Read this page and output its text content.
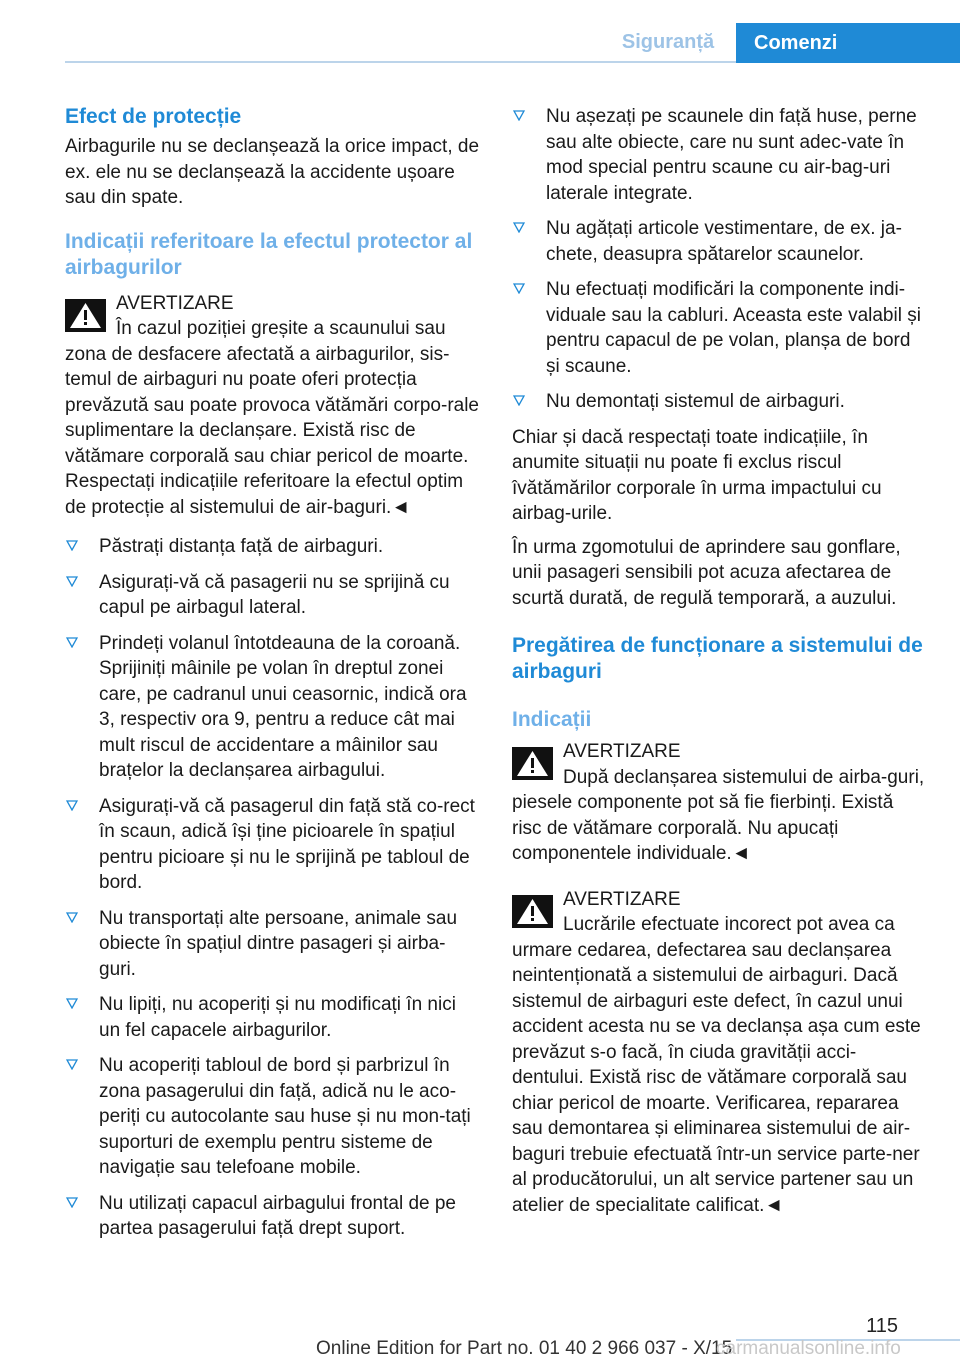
Siguranță	Comenzi
Efect de protecție

Airbagurile nu se declanșează la orice impact, de ex. ele nu se declanșează la accidente ușoare sau din spate.

Indicații referitoare la efectul protector al airbagurilor
AVERTIZARE
În cazul poziției greșite a scaunului sau zona de desfacere afectată a airbagurilor, sis-temul de airbaguri nu poate oferi protecția prevăzută sau poate provoca vătămări corpo-rale suplimentare la declanșare. Există risc de vătămare corporală sau chiar pericol de moarte. Respectați indicațiile referitoare la efectul optim de protecție al sistemului de air-baguri.◄
Păstrați distanța față de airbaguri.
Asigurați-vă că pasagerii nu se sprijină cu capul pe airbagul lateral.
Prindeți volanul întotdeauna de la coroană. Sprijiniți mâinile pe volan în dreptul zonei care, pe cadranul unui ceasornic, indică ora 3, respectiv ora 9, pentru a reduce cât mai mult riscul de accidentare a mâinilor sau brațelor la declanșarea airbagului.
Asigurați-vă că pasagerul din față stă co-rect în scaun, adică își ține picioarele în spațiul pentru picioare și nu le sprijină pe tabloul de bord.
Nu transportați alte persoane, animale sau obiecte în spațiul dintre pasageri și airba-guri.
Nu lipiți, nu acoperiți și nu modificați în nici un fel capacele airbagurilor.
Nu acoperiți tabloul de bord și parbrizul în zona pasagerului din față, adică nu le aco-periți cu autocolante sau huse și nu mon-tați suporturi de exemplu pentru sisteme de navigație sau telefoane mobile.
Nu utilizați capacul airbagului frontal de pe partea pasagerului față drept suport.
Nu așezați pe scaunele din față huse, perne sau alte obiecte, care nu sunt adec-vate în mod special pentru scaune cu air-bag-uri laterale integrate.
Nu agățați articole vestimentare, de ex. ja-chete, deasupra spătarelor scaunelor.
Nu efectuați modificări la componente indi-viduale sau la cabluri. Aceasta este valabil și pentru capacul de pe volan, planșa de bord și scaune.
Nu demontați sistemul de airbaguri.

Chiar și dacă respectați toate indicațiile, în anumite situații nu poate fi exclus riscul îvătămărilor corporale în urma impactului cu airbag-urile.

În urma zgomotului de aprindere sau gonflare, unii pasageri sensibili pot acuza afectarea de scurtă durată, de regulă temporară, a auzului.

Pregătirea de funcționare a sistemului de airbaguri
Indicații
AVERTIZARE
După declanșarea sistemului de airba-guri, piesele componente pot să fie fierbinți. Există risc de vătămare corporală. Nu apucați componentele individuale.◄
AVERTIZARE
Lucrările efectuate incorect pot avea ca urmare cedarea, defectarea sau declanșarea neintenționată a sistemului de airbaguri. Dacă sistemul de airbaguri este defect, în cazul unui accident acesta nu se va declanșa așa cum este prevăzut s-o facă, în ciuda gravității acci-dentului. Există risc de vătămare corporală sau chiar pericol de moarte. Verificarea, repararea sau demontarea și eliminarea sistemului de air-baguri trebuie efectuată într-un service parte-ner al producătorului, un alt service partener sau un atelier de specialitate calificat.◄
115
Online Edition for Part no. 01 40 2 966 037 - X/15
carmanualsonline.info
